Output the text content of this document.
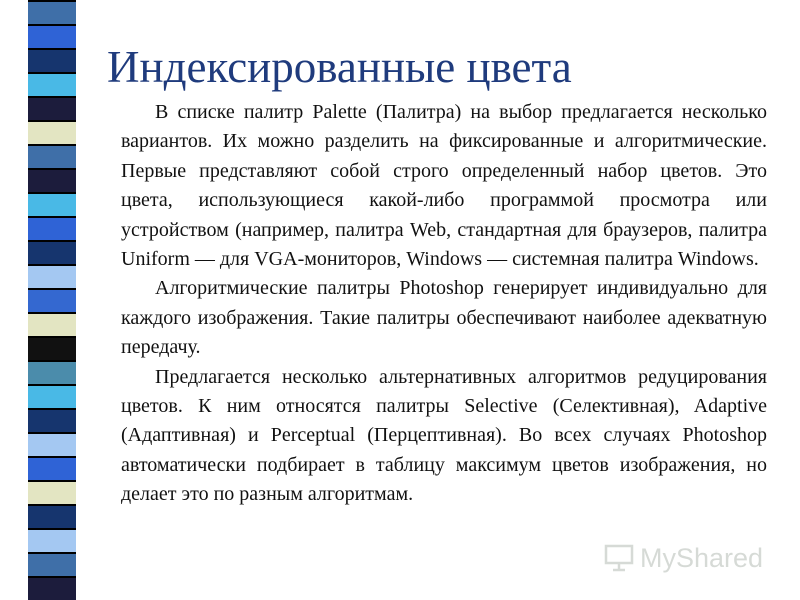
Индексированные цвета

В списке палитр Palette (Палитра) на выбор предлагается несколько вариантов. Их можно разделить на фиксированные и алгоритмические. Первые представляют собой строго определенный набор цветов. Это цвета, использующиеся какой-либо программой просмотра или устройством (например, палитра Web, стандартная для браузеров, палитра Uniform — для VGA-мониторов, Windows — системная палитра Windows.

Алгоритмические палитры Photoshop генерирует индивидуально для каждого изображения. Такие палитры обеспечивают наиболее адекватную передачу.

Предлагается несколько альтернативных алгоритмов редуцирования цветов. К ним относятся палитры Selective (Селективная), Adaptive (Адаптивная) и Perceptual (Перцептивная). Во всех случаях Photoshop автоматически подбирает в таблицу максимум цветов изображения, но делает это по разным алгоритмам.

MyShared
